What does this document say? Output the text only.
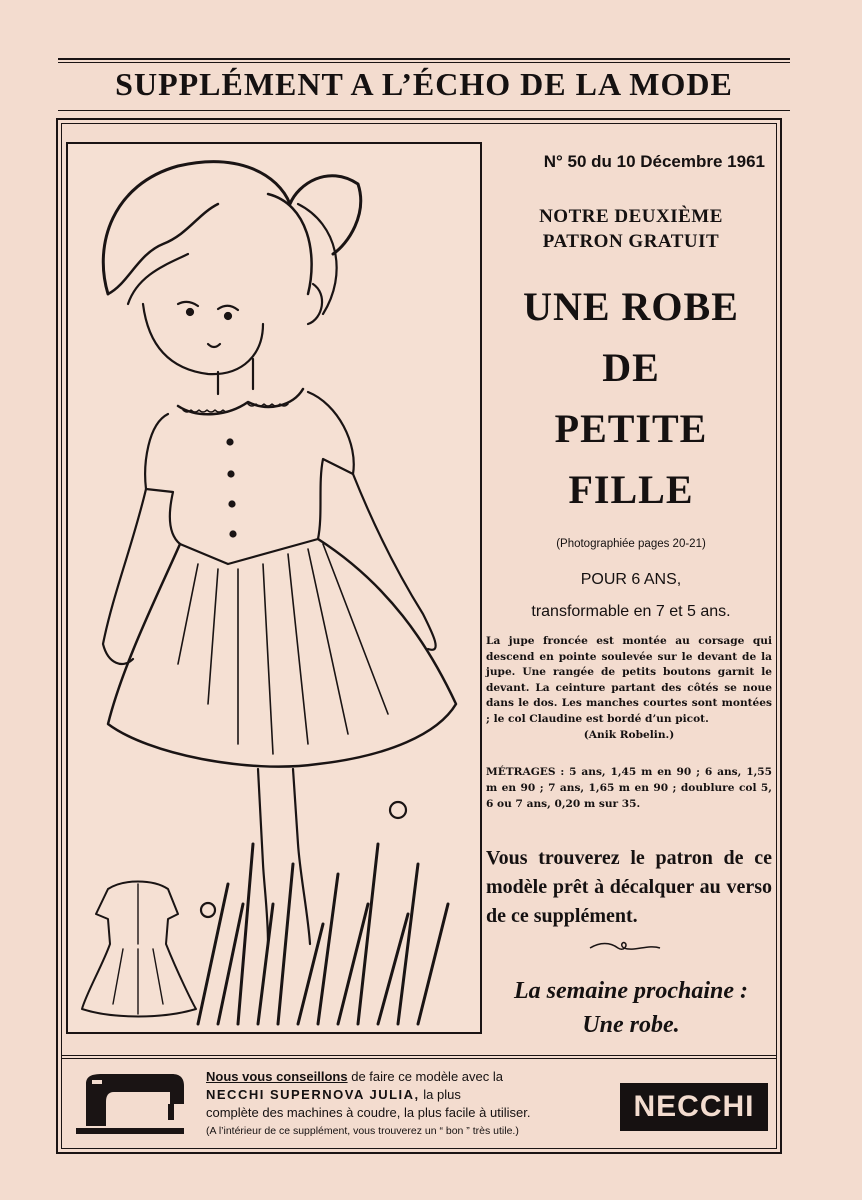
SUPPLÉMENT A L’ÉCHO DE LA MODE
N° 50 du 10 Décembre 1961
NOTRE DEUXIÈME
PATRON GRATUIT
UNE ROBE
DE
PETITE
FILLE
(Photographiée pages 20-21)
POUR 6 ANS,
transformable en 7 et 5 ans.
La jupe froncée est montée au corsage qui descend en pointe soulevée sur le devant de la jupe. Une rangée de petits boutons garnit le devant. La ceinture partant des côtés se noue dans le dos. Les manches courtes sont montées ; le col Claudine est bordé d’un picot.
(Anik Robelin.)
MÉTRAGES : 5 ans, 1,45 m en 90 ; 6 ans, 1,55 m en 90 ; 7 ans, 1,65 m en 90 ; doublure col 5, 6 ou 7 ans, 0,20 m sur 35.
Vous trouverez le patron de ce modèle prêt à décalquer au verso de ce supplément.
La semaine prochaine :
Une robe.
Nous vous conseillons de faire ce modèle avec la
NECCHI SUPERNOVA JULIA, la plus
complète des machines à coudre, la plus facile à utiliser.
(A l’intérieur de ce supplément, vous trouverez un “ bon ” très utile.)
NECCHI
